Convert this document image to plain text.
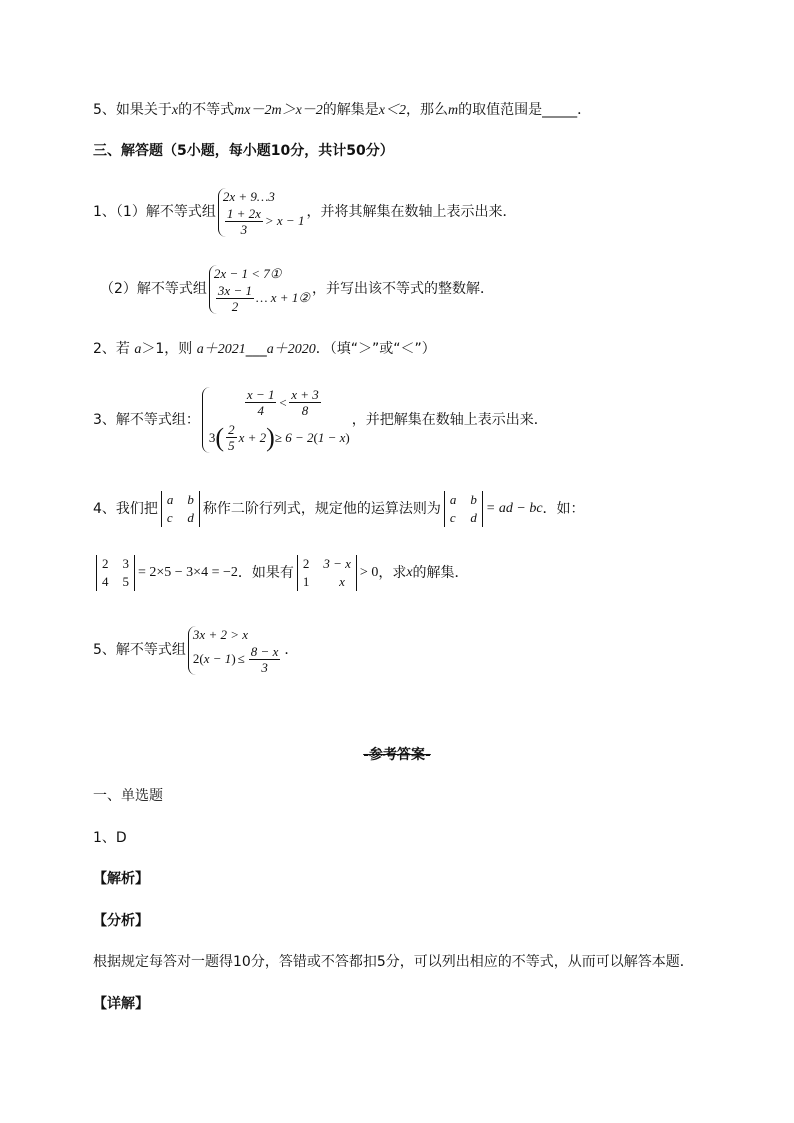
5、如果关于x的不等式mx－2m＞x－2的解集是x＜2，那么m的取值范围是_____．
三、解答题（5小题，每小题10分，共计50分）
1、（1）解不等式组
2x + 9…3
$\frac{1 + 2x}{3} > x - 1$
，并将其解集在数轴上表示出来．
（2）解不等式组
2x − 1 < 7①
$\frac{3x - 1}{2}$ … x + 1②
，并写出该不等式的整数解．
2、若 a＞1，则 a＋2021___a＋2020．（填“＞”或“＜”）
3、解不等式组：
$\frac{x - 1}{4} < \frac{x + 3}{8}$
3 ( $\frac{2}{5}$ x + 2 ) ≥ 6 − 2 ( 1 − x )
，并把解集在数轴上表示出来．
4、我们把
a b
c d
称作二阶行列式，规定他的运算法则为
a b
c d
= ad − bc ．如：
2 3
4 5
= 2×5 − 3×4 = −2 ．如果有
2 3 − x
1 x
> 0 ，求 x 的解集．
5、解不等式组
3x + 2 > x
2 ( x − 1 ) ≤ $\frac{8 - x}{3}$ ．
-参考答案-
一、单选题
1、D
【解析】
【分析】
根据规定每答对一题得10分，答错或不答都扣5分，可以列出相应的不等式，从而可以解答本题．
【详解】
